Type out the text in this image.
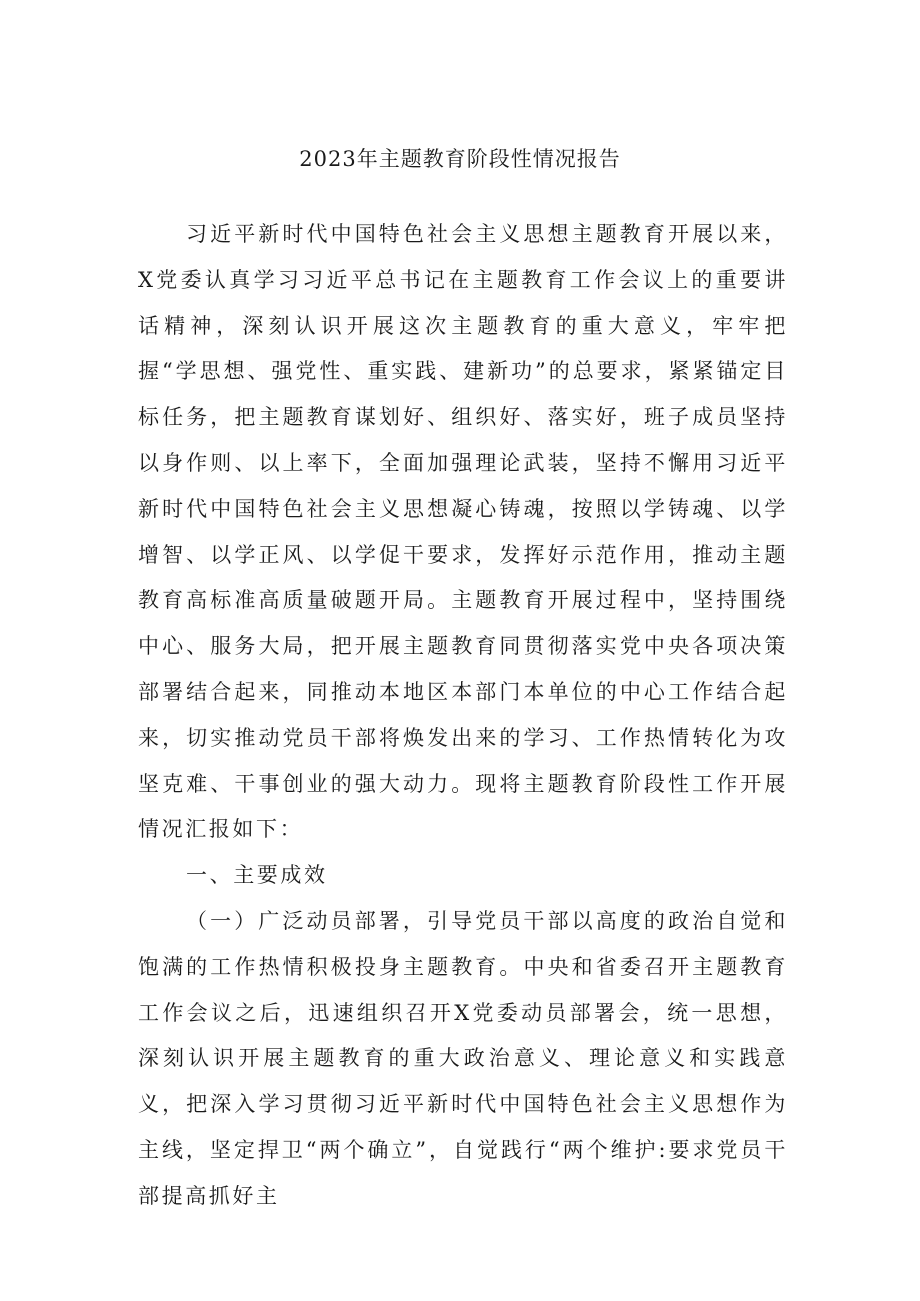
2023年主题教育阶段性情况报告

习近平新时代中国特色社会主义思想主题教育开展以来，X党委认真学习习近平总书记在主题教育工作会议上的重要讲话精神，深刻认识开展这次主题教育的重大意义，牢牢把握“学思想、强党性、重实践、建新功”的总要求，紧紧锚定目标任务，把主题教育谋划好、组织好、落实好，班子成员坚持以身作则、以上率下，全面加强理论武装，坚持不懈用习近平新时代中国特色社会主义思想凝心铸魂，按照以学铸魂、以学增智、以学正风、以学促干要求，发挥好示范作用，推动主题教育高标准高质量破题开局。主题教育开展过程中，坚持围绕中心、服务大局，把开展主题教育同贯彻落实党中央各项决策部署结合起来，同推动本地区本部门本单位的中心工作结合起来，切实推动党员干部将焕发出来的学习、工作热情转化为攻坚克难、干事创业的强大动力。现将主题教育阶段性工作开展情况汇报如下：

一、主要成效

（一）广泛动员部署，引导党员干部以高度的政治自觉和饱满的工作热情积极投身主题教育。中央和省委召开主题教育工作会议之后，迅速组织召开X党委动员部署会，统一思想，深刻认识开展主题教育的重大政治意义、理论意义和实践意义，把深入学习贯彻习近平新时代中国特色社会主义思想作为主线，坚定捍卫“两个确立”，自觉践行“两个维护:要求党员干部提高抓好主
